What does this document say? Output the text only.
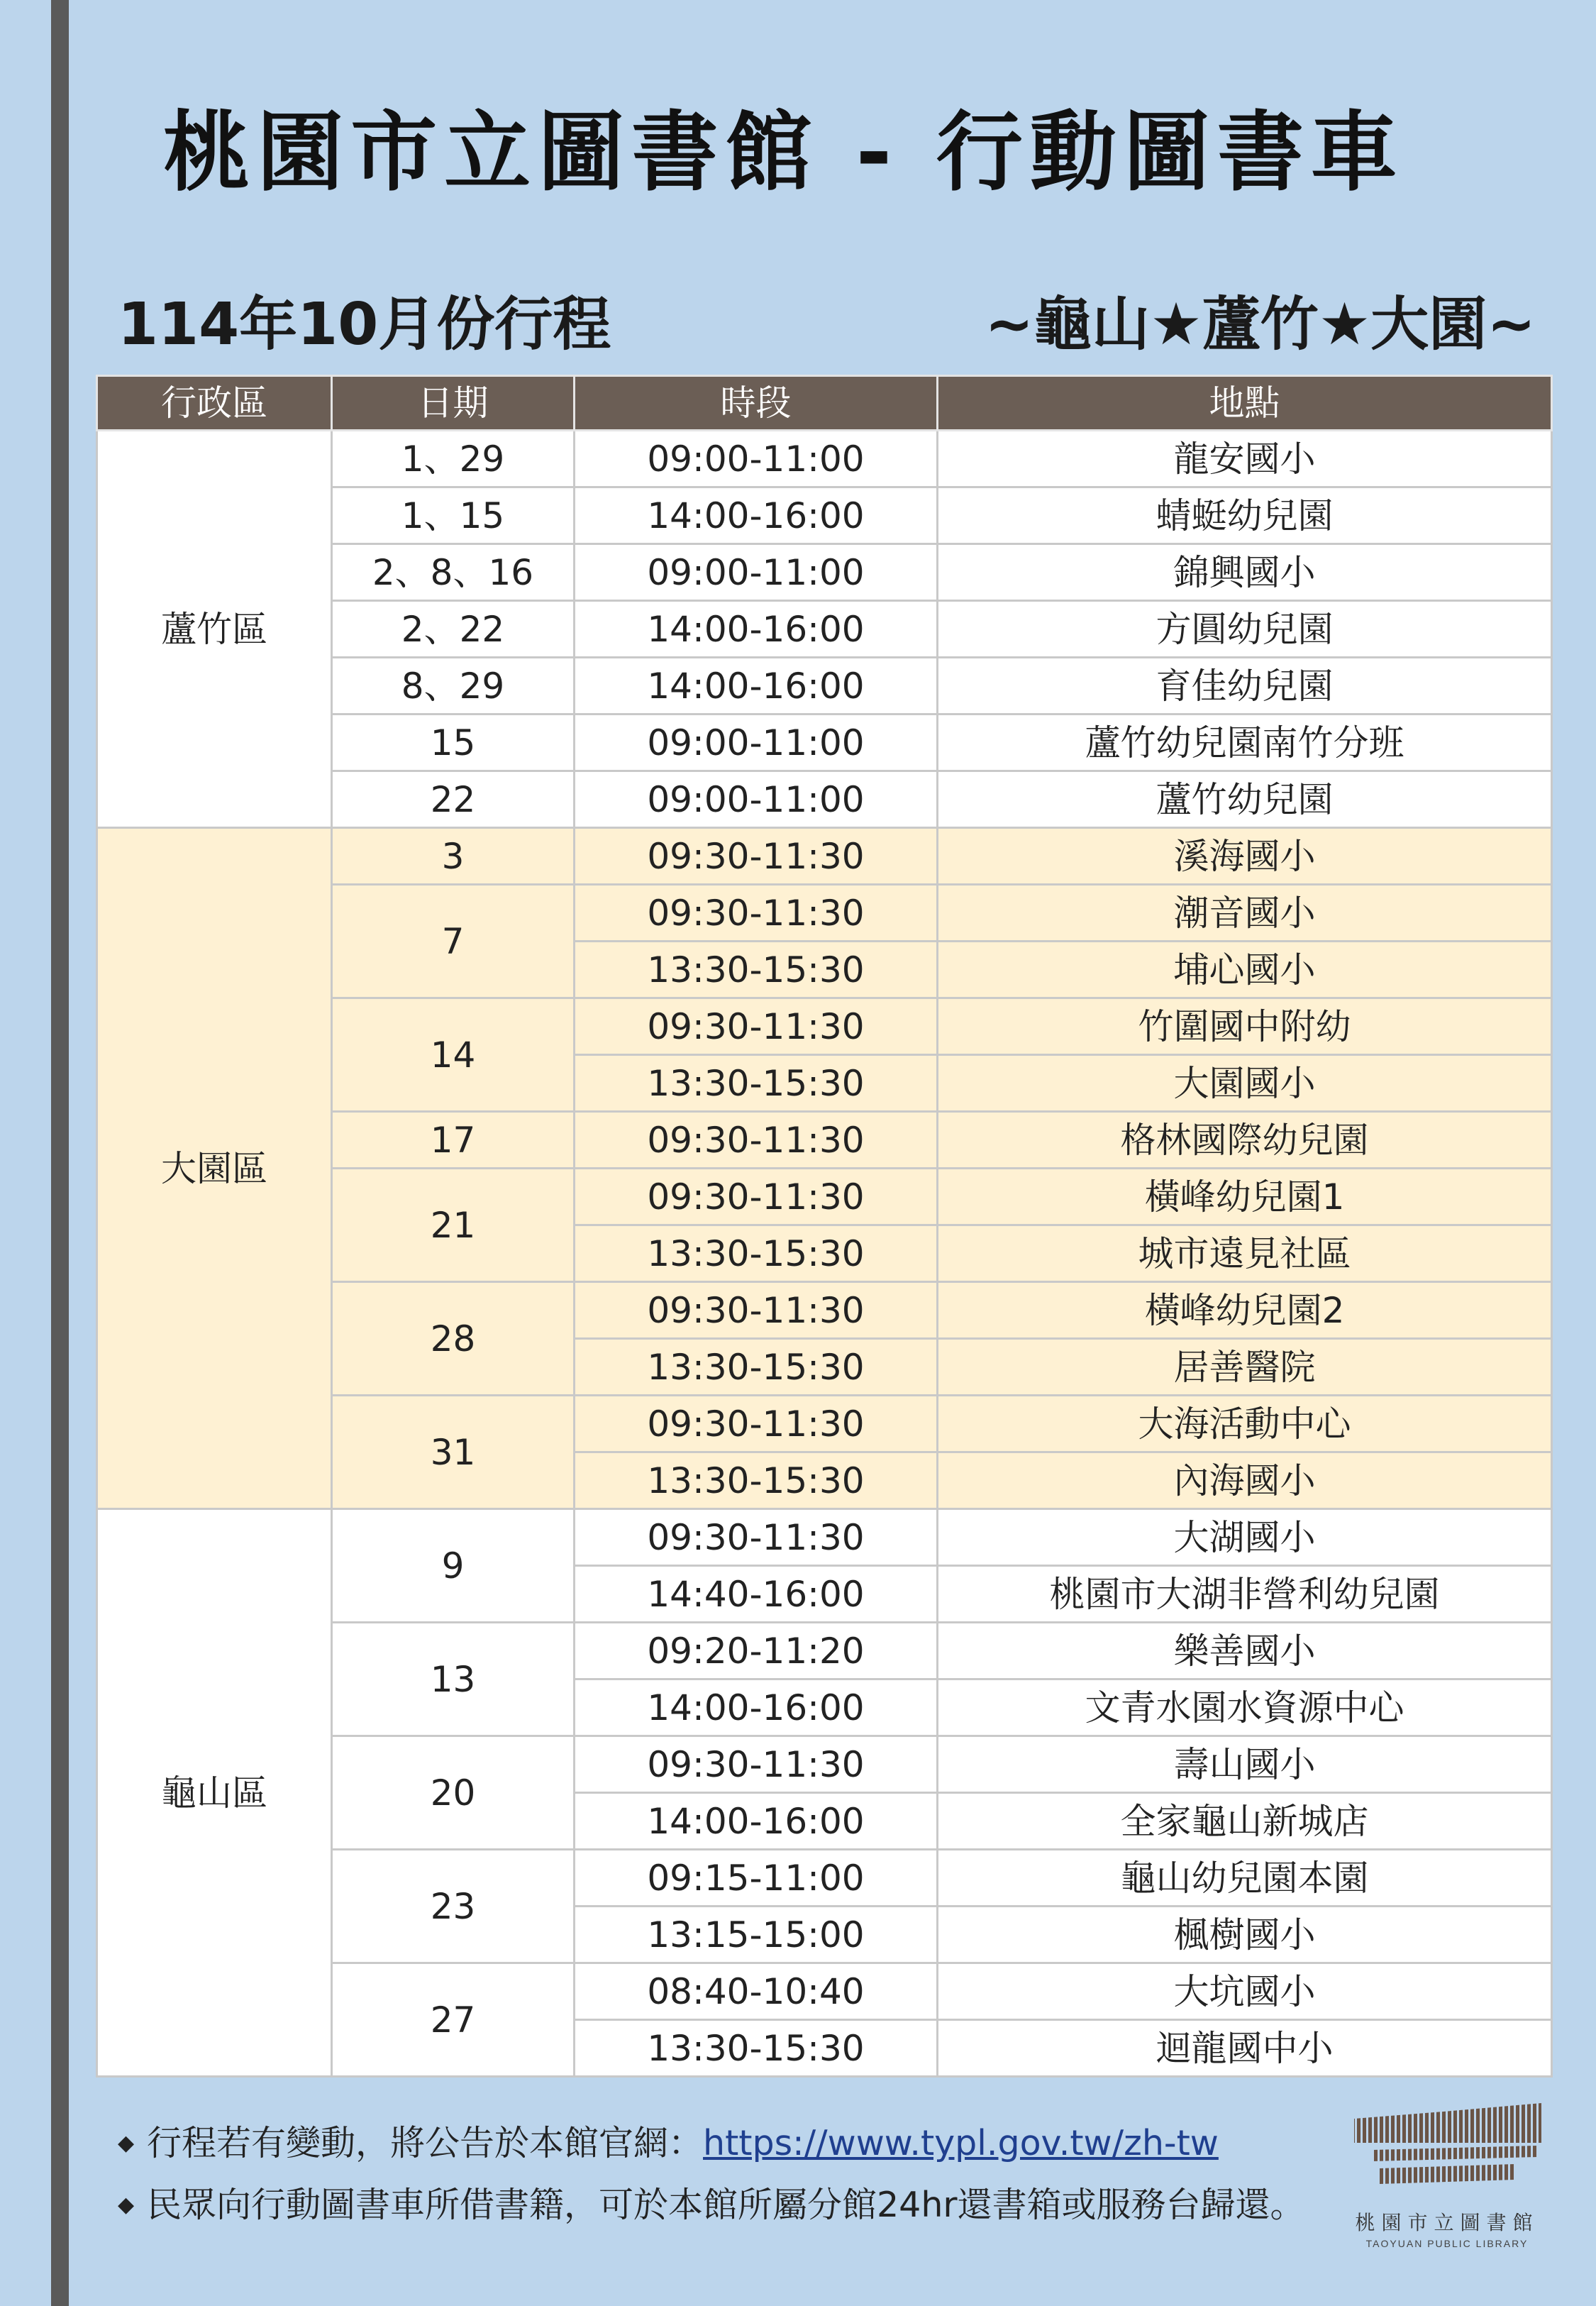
桃園市立圖書館 - 行動圖書車
114年10月份行程	~龜山★蘆竹★大園~
行政區	日期	時段	地點
蘆竹區	1、29	09:00-11:00	龍安國小
	1、15	14:00-16:00	蜻蜓幼兒園
	2、8、16	09:00-11:00	錦興國小
	2、22	14:00-16:00	方圓幼兒園
	8、29	14:00-16:00	育佳幼兒園
	15	09:00-11:00	蘆竹幼兒園南竹分班
	22	09:00-11:00	蘆竹幼兒園
大園區	3	09:30-11:30	溪海國小
	7	09:30-11:30	潮音國小
		13:30-15:30	埔心國小
	14	09:30-11:30	竹圍國中附幼
		13:30-15:30	大園國小
	17	09:30-11:30	格林國際幼兒園
	21	09:30-11:30	橫峰幼兒園1
		13:30-15:30	城市遠見社區
	28	09:30-11:30	橫峰幼兒園2
		13:30-15:30	居善醫院
	31	09:30-11:30	大海活動中心
		13:30-15:30	內海國小
龜山區	9	09:30-11:30	大湖國小
		14:40-16:00	桃園市大湖非營利幼兒園
	13	09:20-11:20	樂善國小
		14:00-16:00	文青水園水資源中心
	20	09:30-11:30	壽山國小
		14:00-16:00	全家龜山新城店
	23	09:15-11:00	龜山幼兒園本園
		13:15-15:00	楓樹國小
	27	08:40-10:40	大坑國小
		13:30-15:30	迴龍國中小
◆ 行程若有變動，將公告於本館官網：https://www.typl.gov.tw/zh-tw
◆ 民眾向行動圖書車所借書籍，可於本館所屬分館24hr還書箱或服務台歸還。	桃園市立圖書館
TAOYUAN PUBLIC LIBRARY
